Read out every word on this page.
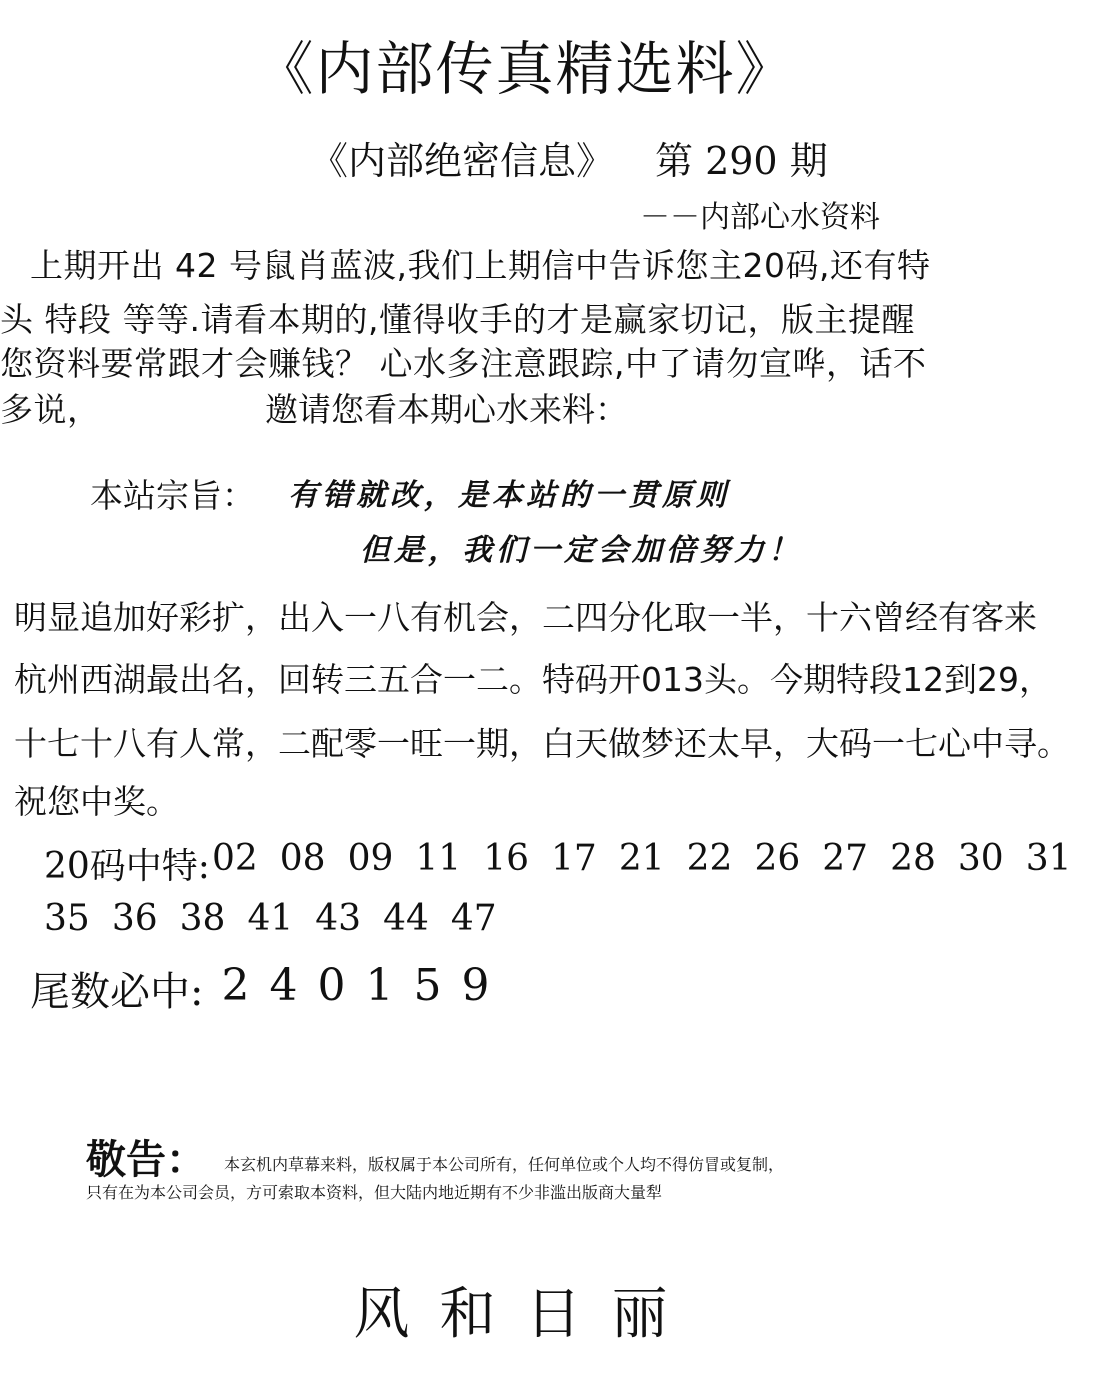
《内部传真精选料》
《内部绝密信息》 第 290 期
－－内部心水资料
上期开出 42 号鼠肖蓝波,我们上期信中告诉您主20码,还有特
头 特段 等等.请看本期的,懂得收手的才是赢家切记，版主提醒
您资料要常跟才会赚钱？ 心水多注意跟踪,中了请勿宣哗，话不
多说，	邀请您看本期心水来料：
本站宗旨： 有错就改，是本站的一贯原则
但是，我们一定会加倍努力！
明显追加好彩扩，出入一八有机会，二四分化取一半，十六曾经有客来
杭州西湖最出名，回转三五合一二。特码开013头。今期特段12到29，
十七十八有人常，二配零一旺一期，白天做梦还太早，大码一七心中寻。
祝您中奖。
20码中特: 02 08 09 11 16 17 21 22 26 27 28 30 31
35 36 38 41 43 44 47
尾数必中: 2 4 0 1 5 9
敬告： 本玄机内草幕来料，版权属于本公司所有，任何单位或个人均不得仿冒或复制，
只有在为本公司会员，方可索取本资料，但大陆内地近期有不少非滥出版商大量犁
风和日丽
